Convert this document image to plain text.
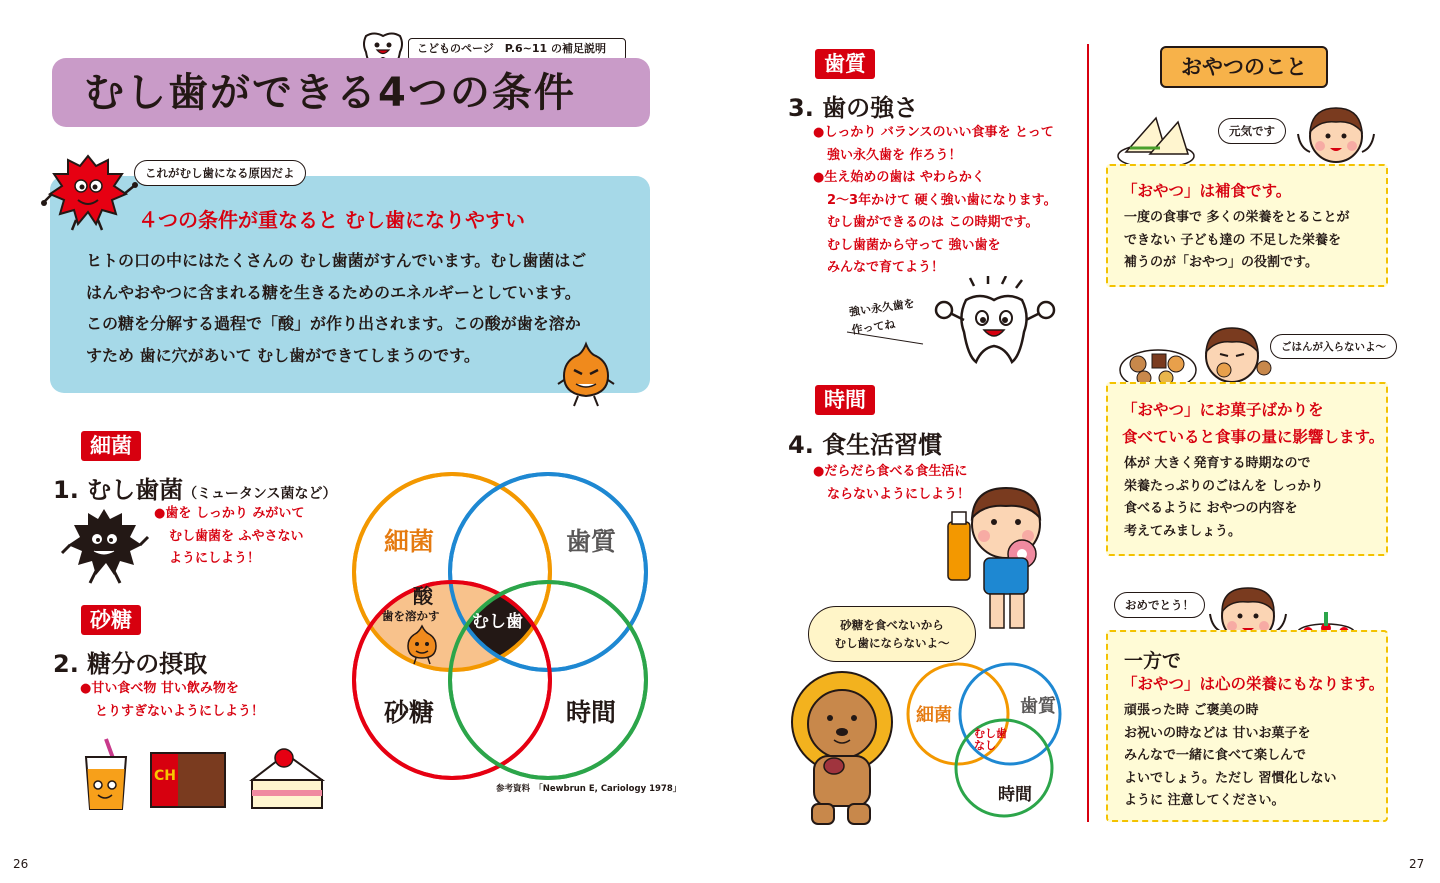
こどものページ　P.6~11 の補足説明
むし歯ができる4つの条件
これがむし歯になる原因だよ
４つの条件が重なると むし歯になりやすい
ヒトの口の中にはたくさんの むし歯菌がすんでいます。むし歯菌はご
はんやおやつに含まれる糖を生きるためのエネルギーとしています。
この糖を分解する過程で「酸」が作り出されます。この酸が歯を溶か
すため 歯に穴があいて むし歯ができてしまうのです。
細菌
1. むし歯菌（ミュータンス菌など）
●歯を しっかり みがいて
むし歯菌を ふやさない
ようにしよう！
砂糖
2. 糖分の摂取
●甘い食べ物 甘い飲み物を
とりすぎないようにしよう！
CH
細菌	歯質
砂糖	時間
酸
歯を溶かす むし歯
参考資料　「Newbrun E, Cariology 1978」
26
歯質
3. 歯の強さ
●しっかり バランスのいい食事を とって
強い永久歯を 作ろう！
●生え始めの歯は やわらかく
2～3年かけて 硬く強い歯になります。
むし歯ができるのは この時期です。
むし歯菌から守って 強い歯を
みんなで育てよう！
強い永久歯を
作ってね
時間
4. 食生活習慣
●だらだら食べる食生活に
ならないようにしよう！
砂糖を食べないから
むし歯にならないよ～
細菌	歯質
時間
むし歯
なし
おやつのこと
元気です
「おやつ」は補食です。
一度の食事で 多くの栄養をとることが
できない 子ども達の 不足した栄養を
補うのが「おやつ」の役割です。
ごはんが入らないよ～
「おやつ」にお菓子ばかりを
食べていると食事の量に影響します。
体が 大きく発育する時期なので
栄養たっぷりのごはんを しっかり
食べるように おやつの内容を
考えてみましょう。
おめでとう！
一方で
「おやつ」は心の栄養にもなります。
頑張った時 ご褒美の時
お祝いの時などは 甘いお菓子を
みんなで一緒に食べて楽しんで
よいでしょう。ただし 習慣化しない
ように 注意してください。
27
